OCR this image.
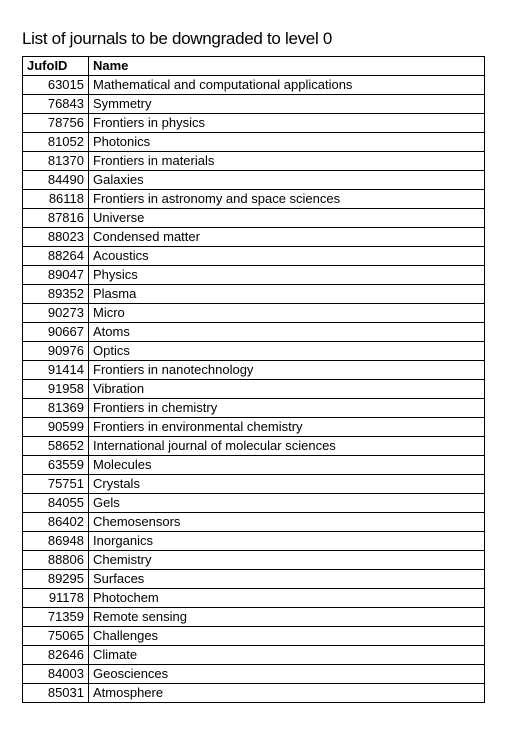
List of journals to be downgraded to level 0
JufoID	Name
63015	Mathematical and computational applications
76843	Symmetry
78756	Frontiers in physics
81052	Photonics
81370	Frontiers in materials
84490	Galaxies
86118	Frontiers in astronomy and space sciences
87816	Universe
88023	Condensed matter
88264	Acoustics
89047	Physics
89352	Plasma
90273	Micro
90667	Atoms
90976	Optics
91414	Frontiers in nanotechnology
91958	Vibration
81369	Frontiers in chemistry
90599	Frontiers in environmental chemistry
58652	International journal of molecular sciences
63559	Molecules
75751	Crystals
84055	Gels
86402	Chemosensors
86948	Inorganics
88806	Chemistry
89295	Surfaces
91178	Photochem
71359	Remote sensing
75065	Challenges
82646	Climate
84003	Geosciences
85031	Atmosphere
